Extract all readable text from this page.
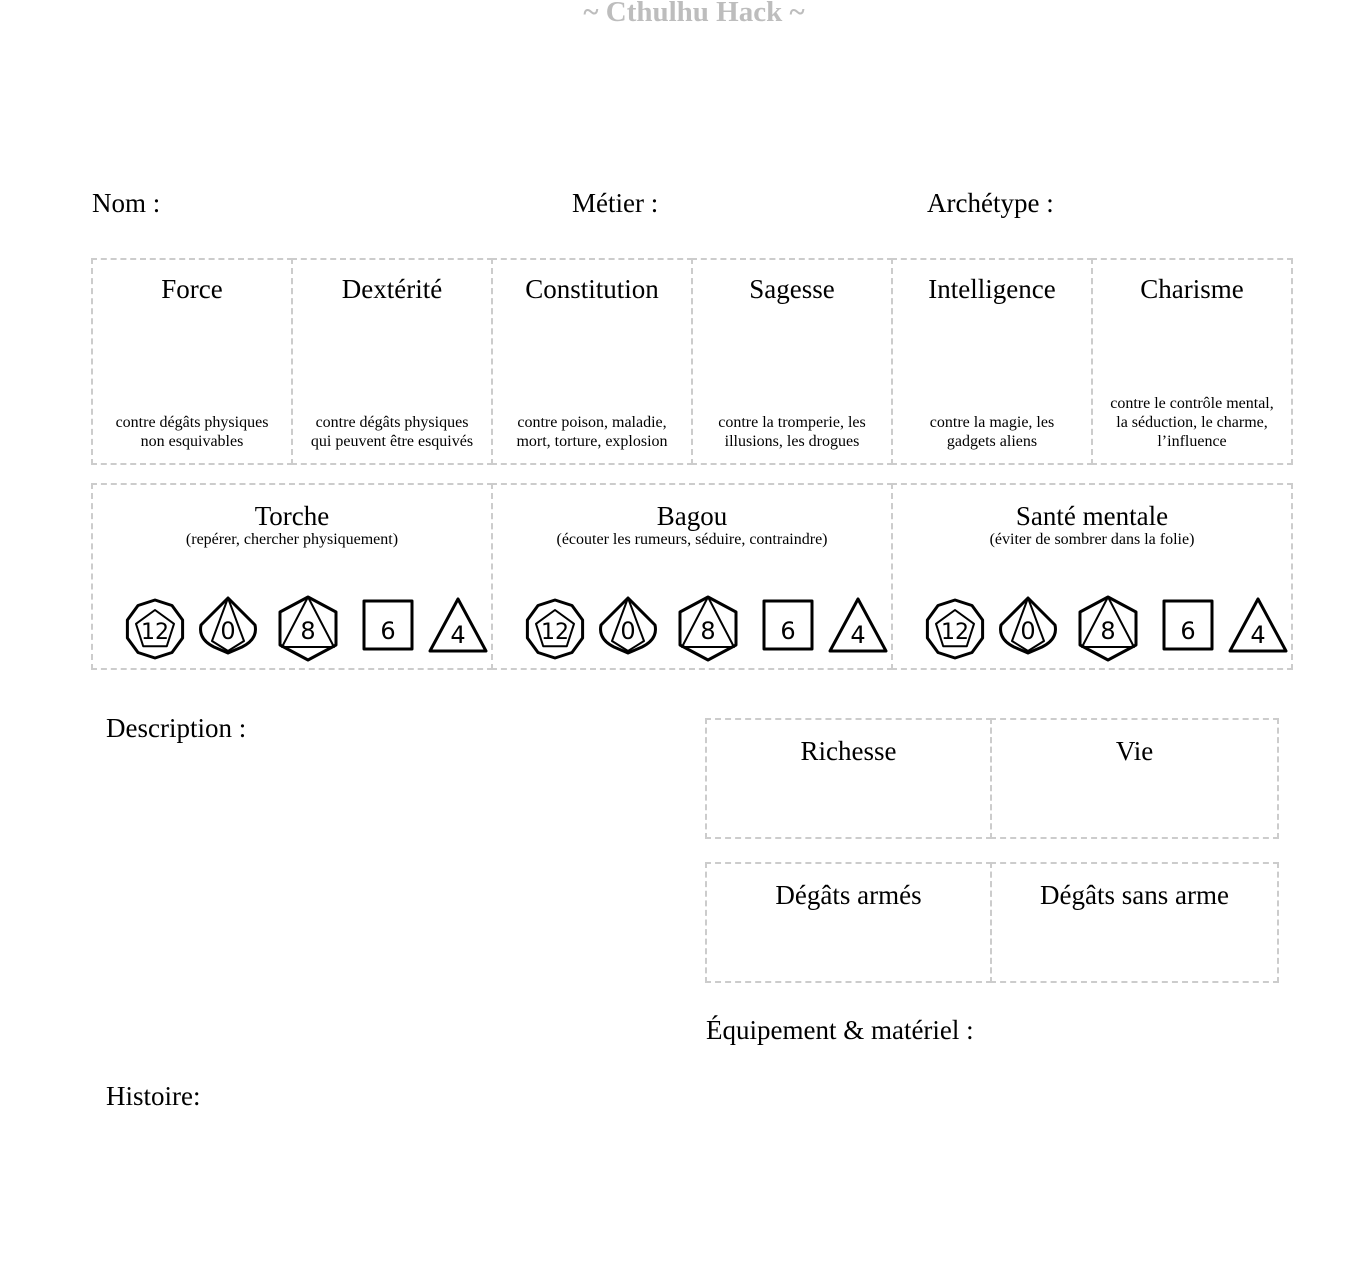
~ Cthulhu Hack ~
Nom :	Métier :	Archétype :
Force
contre dégâts physiques
non esquivables
Dextérité
contre dégâts physiques
qui peuvent être esquivés
Constitution
contre poison, maladie,
mort, torture, explosion
Sagesse
contre la tromperie, les
illusions, les drogues
Intelligence
contre la magie, les
gadgets aliens
Charisme
contre le contrôle mental,
la séduction, le charme,
l’influence
Torche
(repérer, chercher physiquement)
12 0	8	6 4
Bagou
(écouter les rumeurs, séduire, contraindre)
12 0	8	6 4
Santé mentale
(éviter de sombrer dans la folie)
12 0	8	6 4
Description :
Richesse	Vie
Dégâts armés	Dégâts sans arme
Équipement & matériel :
Histoire:
